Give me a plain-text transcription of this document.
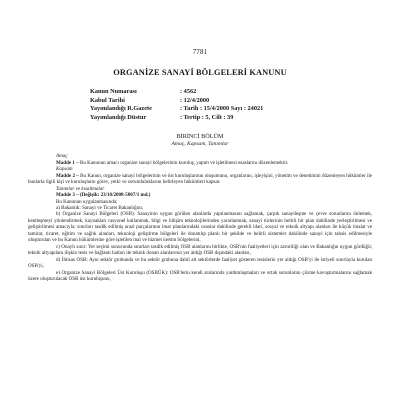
7781
ORGANİZE SANAYİ BÖLGELERİ KANUNU
Kanun Numarası	: 4562
Kabul Tarihi	: 12/4/2000
Yayımlandığı R.Gazete	: Tarih : 15/4/2000 Sayı : 24021
Yayımlandığı Düstur	: Tertip : 5, Cilt : 39
BİRİNCİ BÖLÜM
Amaç, Kapsam, Tanımlar

Amaç

Madde 1 – Bu Kanunun amacı organize sanayi bölgelerinin kuruluş, yapım ve işletilmesi esaslarını düzenlemektir.

Kapsam

Madde 2 – Bu Kanun, organize sanayi bölgelerinin ve üst kuruluşlarının oluşumunu, organlarını, işleyişini, yönetim ve denetimini düzenleyen hükümler ile bunlarla ilgili kişi ve kuruluşların görev, yetki ve sorumluluklarını belirleyen hükümleri kapsar.

Tanımlar ve kısaltmalar

Madde 3 – (Değişik: 23/10/2008-5807/1 md.)

Bu Kanunun uygulanmasında;

a) Bakanlık: Sanayi ve Ticaret Bakanlığını,

b) Organize Sanayi Bölgeleri (OSB): Sanayinin uygun görülen alanlarda yapılanmasını sağlamak, çarpık sanayileşme ve çevre sorunlarını önlemek, kentleşmeyi yönlendirmek, kaynakları rasyonel kullanmak, bilgi ve bilişim teknolojilerinden yararlanmak, sanayi türlerinin belirli bir plan dahilinde yerleştirilmesi ve geliştirilmesi amacıyla; sınırları tasdik edilmiş arazi parçalarının imar planlarındaki oranlar dahilinde gerekli idari, sosyal ve teknik altyapı alanları ile küçük imalat ve tamirat, ticaret, eğitim ve sağlık alanları, teknoloji geliştirme bölgeleri ile donatılıp planlı bir şekilde ve belirli sistemler dahilinde sanayi için tahsis edilmesiyle oluşturulan ve bu Kanun hükümlerine göre işletilen mal ve hizmet üretim bölgelerini,

c) Onaylı sınır: Yer seçimi sonucunda sınırları tasdik edilmiş OSB alanlarını birlikte, OSB'nin faaliyetleri için zaruriliği olan ve Bakanlığın uygun gördüğü; teknik altyapılara ilişkin tesis ve bağlantı hatları ile teknik donatı alanlarının yer aldığı OSB dışındaki alanları,

d) İhtisas OSB: Aynı sektör grubunda ve bu sektör grubuna dahil alt sektörlerde faaliyet gösteren tesislerin yer aldığı OSB'yi ile istiyeli sınırlayla kurulan OSB'yi,

e) Organize Sanayi Bölgeleri Üst Kuruluşu (OSBÜK): OSB'lerin kendi aralarında yardımlaşmaları ve ortak sorunlarını çözme kavuşturmalarını sağlamak üzere oluşturulacak OSB üst kuruluşunu,
